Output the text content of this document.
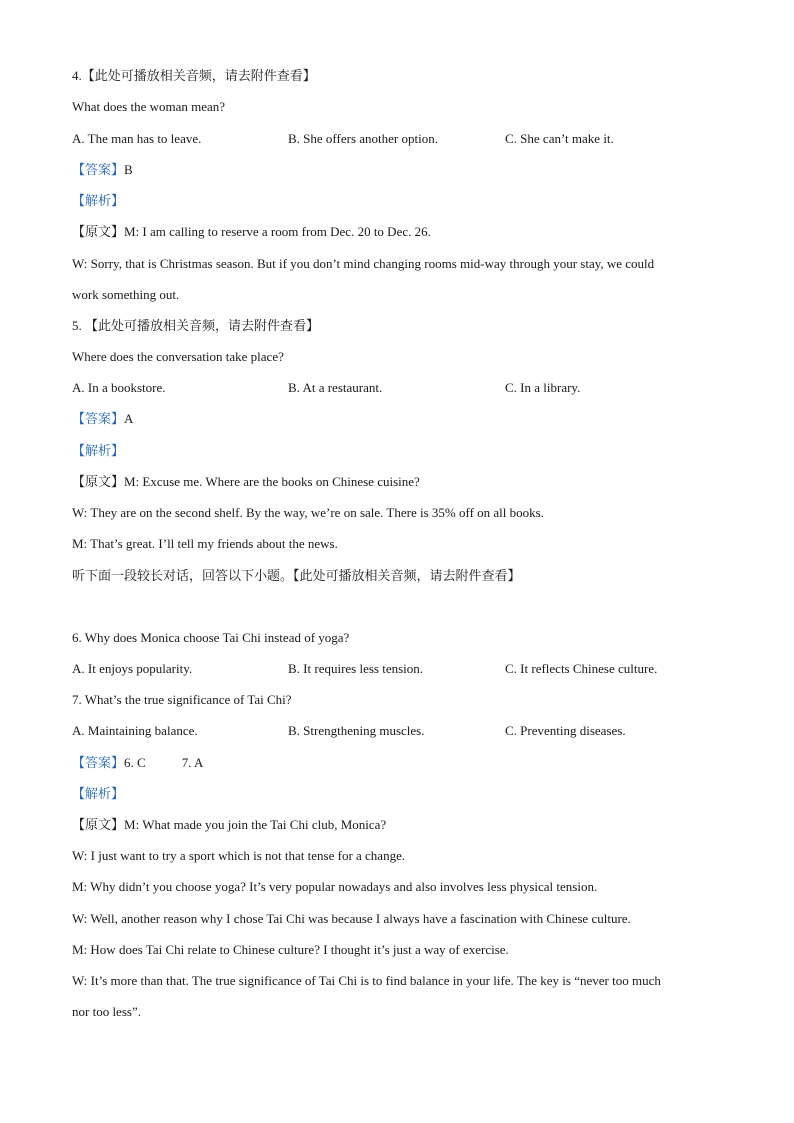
4.【此处可播放相关音频，请去附件查看】
What does the woman mean?
A. The man has to leave.	B. She offers another option.	C. She can’t make it.
【答案】B
【解析】
【原文】M: I am calling to reserve a room from Dec. 20 to Dec. 26.
W: Sorry, that is Christmas season. But if you don’t mind changing rooms mid-way through your stay, we could
work something out.
5. 【此处可播放相关音频，请去附件查看】
Where does the conversation take place?
A. In a bookstore.	B. At a restaurant.	C. In a library.
【答案】A
【解析】
【原文】M: Excuse me. Where are the books on Chinese cuisine?
W: They are on the second shelf. By the way, we’re on sale. There is 35% off on all books.
M: That’s great. I’ll tell my friends about the news.
听下面一段较长对话，回答以下小题。【此处可播放相关音频，请去附件查看】
6. Why does Monica choose Tai Chi instead of yoga?
A. It enjoys popularity.	B. It requires less tension.	C. It reflects Chinese culture.
7. What’s the true significance of Tai Chi?
A. Maintaining balance.	B. Strengthening muscles.	C. Preventing diseases.
【答案】6. C	7. A
【解析】
【原文】M: What made you join the Tai Chi club, Monica?
W: I just want to try a sport which is not that tense for a change.
M: Why didn’t you choose yoga? It’s very popular nowadays and also involves less physical tension.
W: Well, another reason why I chose Tai Chi was because I always have a fascination with Chinese culture.
M: How does Tai Chi relate to Chinese culture? I thought it’s just a way of exercise.
W: It’s more than that. The true significance of Tai Chi is to find balance in your life. The key is “never too much
nor too less”.
